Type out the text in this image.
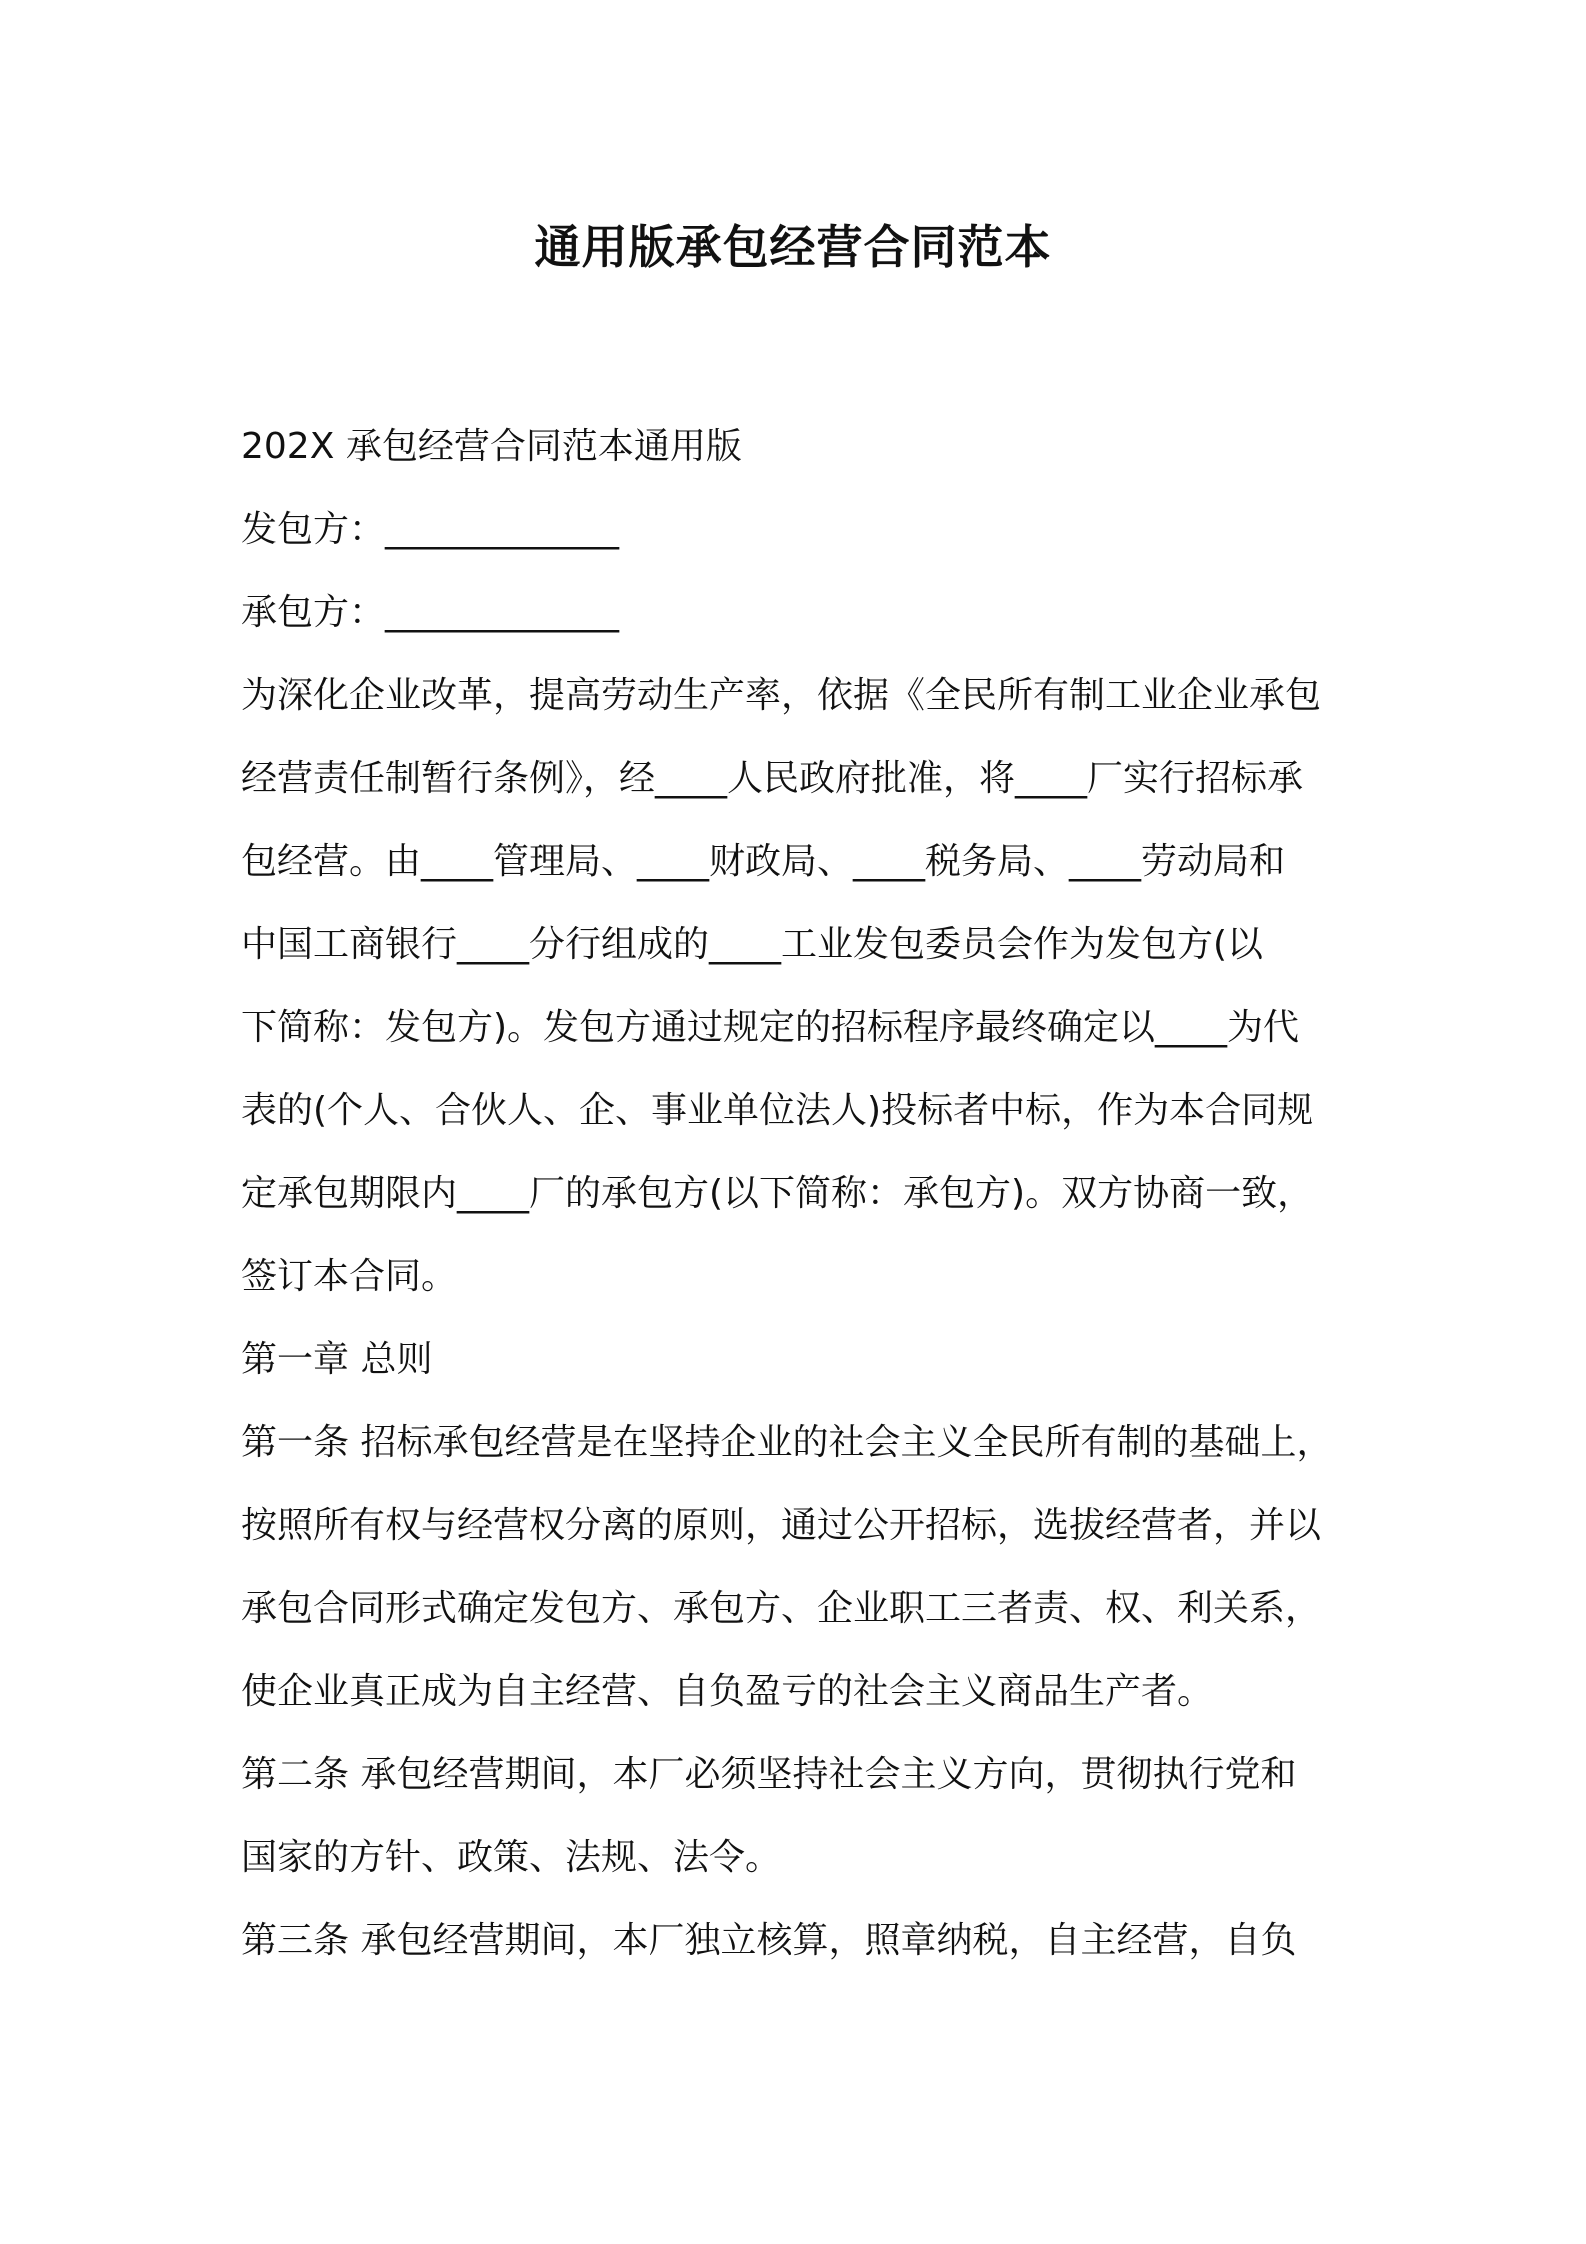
通用版承包经营合同范本
202X 承包经营合同范本通用版
发包方：_____________
承包方：_____________
为深化企业改革，提高劳动生产率，依据《全民所有制工业企业承包
经营责任制暂行条例》，经____人民政府批准，将____厂实行招标承
包经营。由____管理局、____财政局、____税务局、____劳动局和
中国工商银行____分行组成的____工业发包委员会作为发包方(以
下简称：发包方)。发包方通过规定的招标程序最终确定以____为代
表的(个人、合伙人、企、事业单位法人)投标者中标，作为本合同规
定承包期限内____厂的承包方(以下简称：承包方)。双方协商一致，
签订本合同。
第一章 总则
第一条 招标承包经营是在坚持企业的社会主义全民所有制的基础上，
按照所有权与经营权分离的原则，通过公开招标，选拔经营者，并以
承包合同形式确定发包方、承包方、企业职工三者责、权、利关系，
使企业真正成为自主经营、自负盈亏的社会主义商品生产者。
第二条 承包经营期间，本厂必须坚持社会主义方向，贯彻执行党和
国家的方针、政策、法规、法令。
第三条 承包经营期间，本厂独立核算，照章纳税，自主经营，自负
